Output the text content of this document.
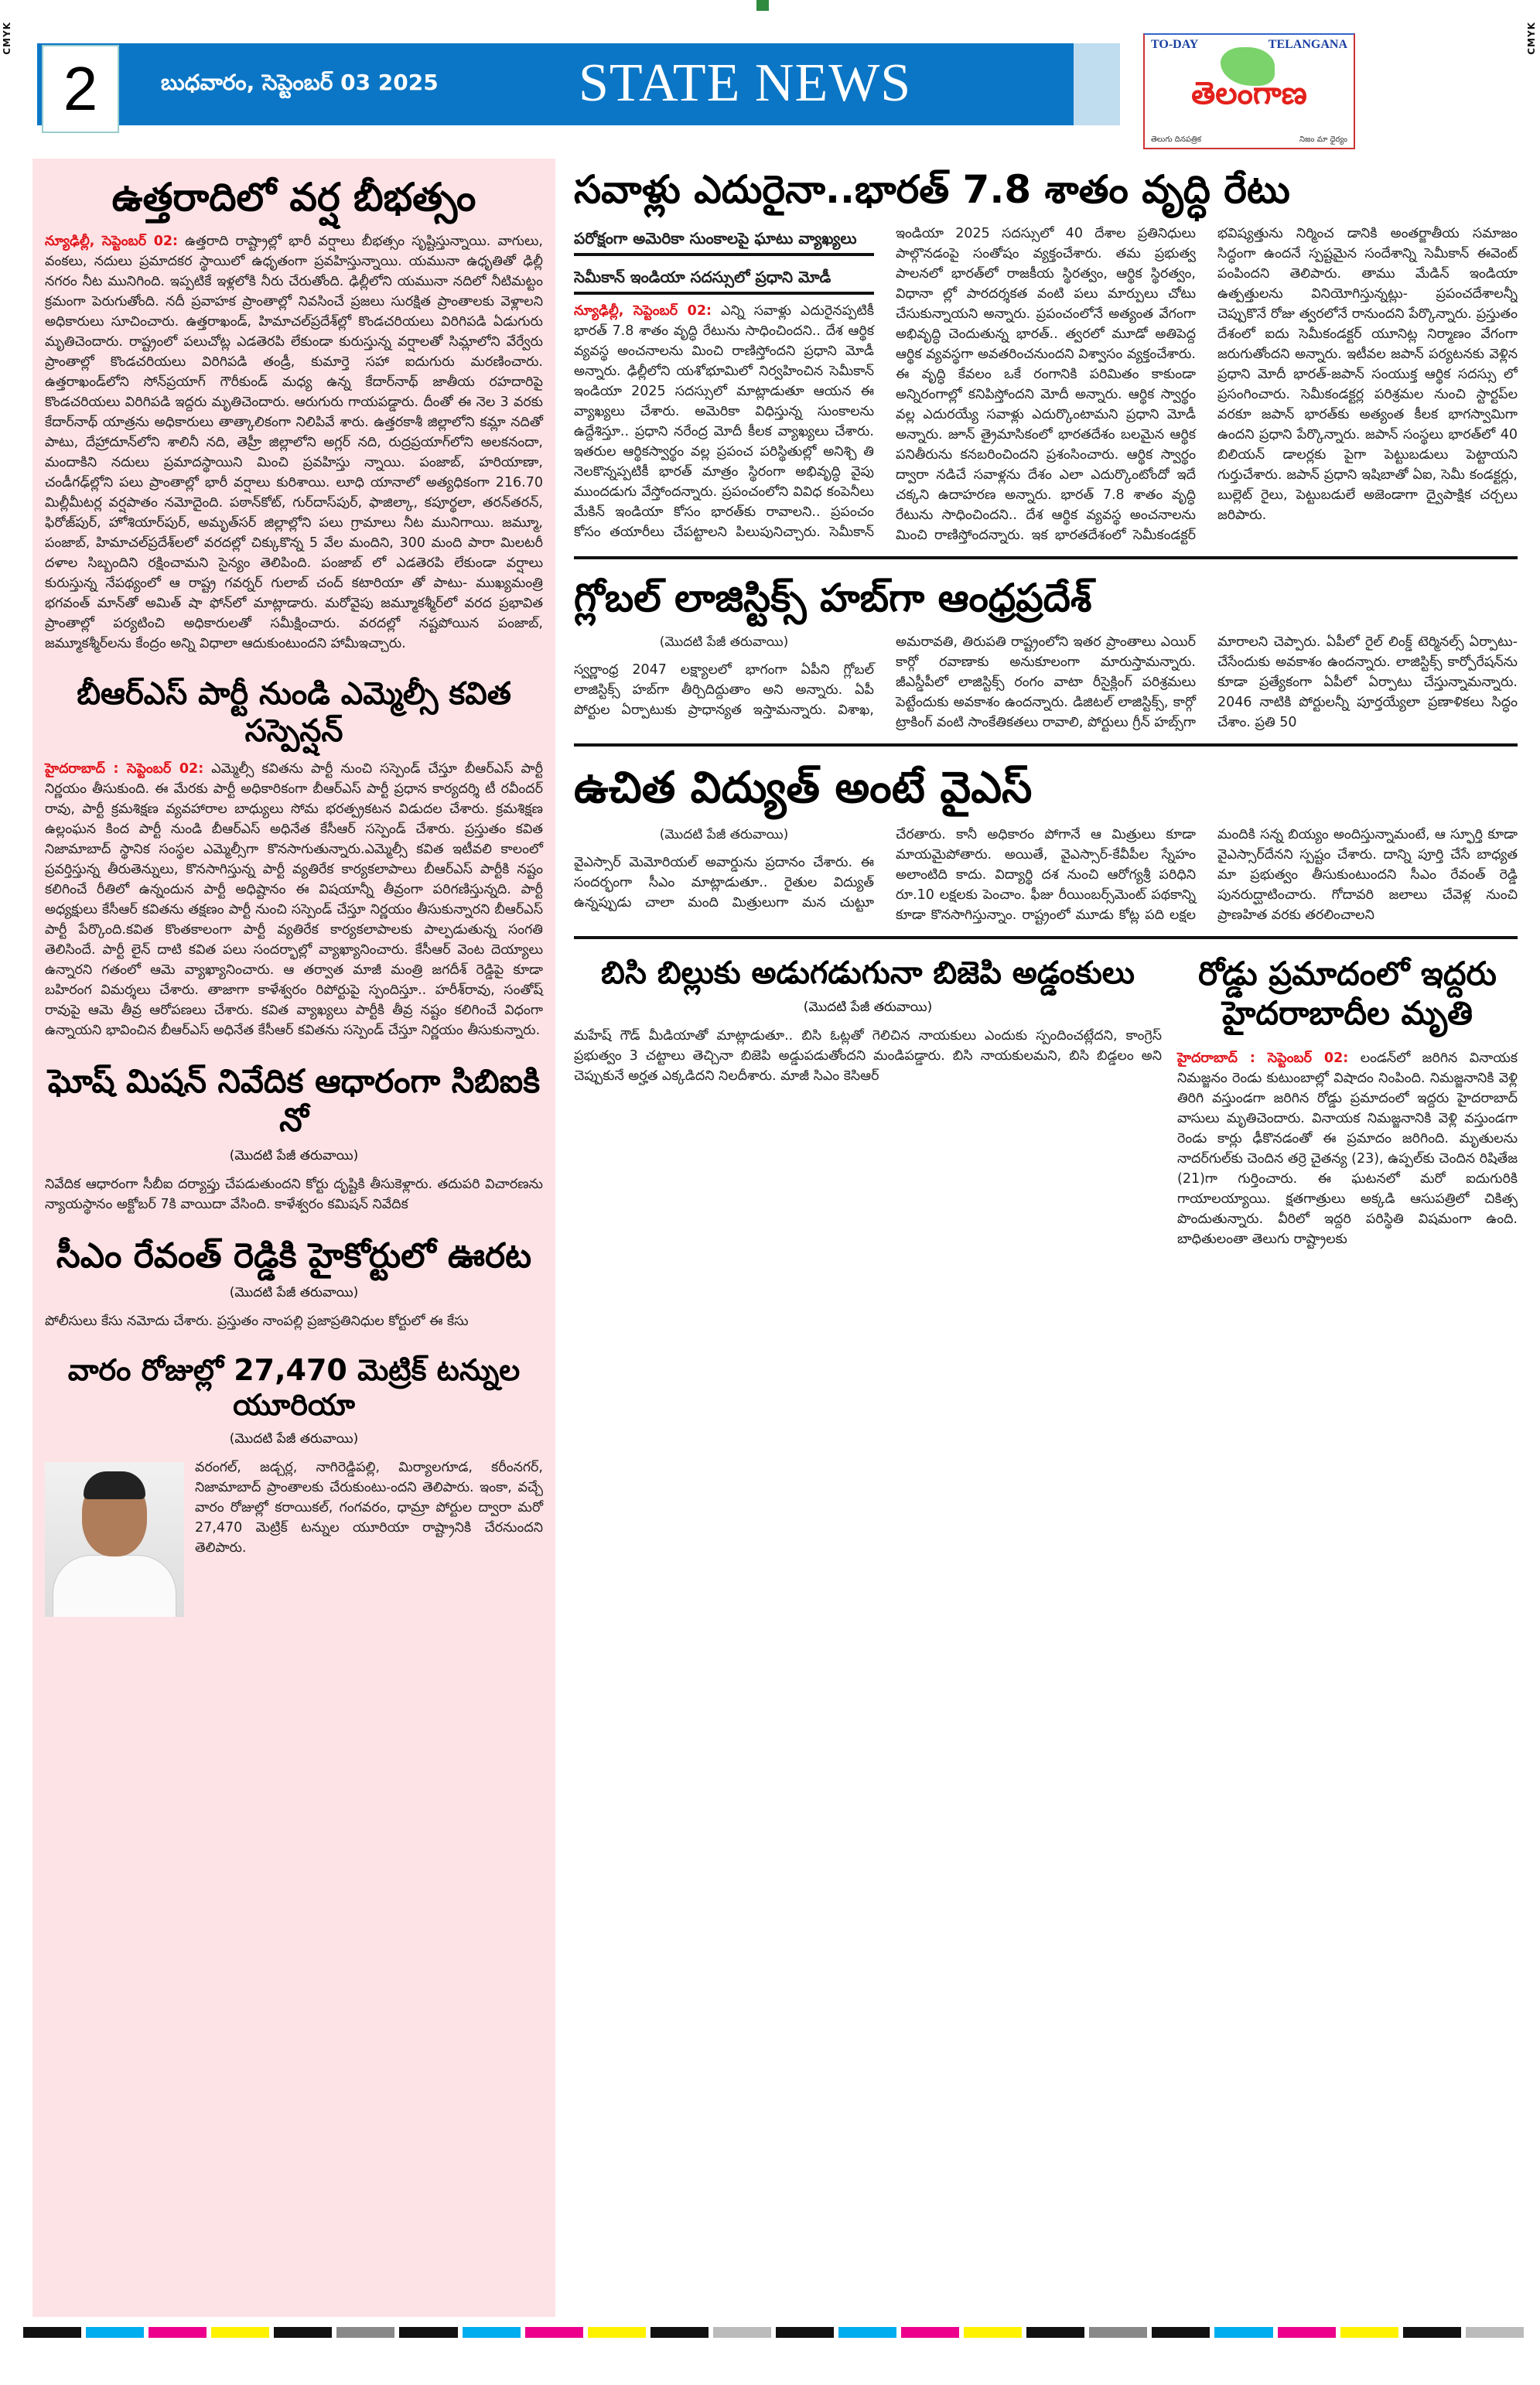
CMYK	CMYK
బుధవారం, సెప్టెంబర్ 03 2025	STATE NEWS
2
TO-DAY	TELANGANA
తెలంగాణ
తెలుగు దినపత్రిక	నిజం మా ధైర్యం
ఉత్తరాదిలో వర్ష బీభత్సం

న్యూఢిల్లీ, సెప్టెంబర్ 02: ఉత్తరాది రాష్ట్రాల్లో భారీ వర్షాలు బీభత్సం సృష్టిస్తున్నాయి. వాగులు, వంకలు, నదులు ప్రమాదకర స్థాయిలో ఉధృతంగా ప్రవహిస్తున్నాయి. యమునా ఉధృతితో ఢిల్లీ నగరం నీట మునిగింది. ఇప్పటికే ఇళ్లలోకి నీరు చేరుతోంది. ఢిల్లీలోని యమునా నదిలో నీటిమట్టం క్రమంగా పెరుగుతోంది. నదీ ప్రవాహక ప్రాంతాల్లో నివసించే ప్రజలు సురక్షిత ప్రాంతాలకు వెళ్లాలని అధికారులు సూచించారు. ఉత్తరాఖండ్, హిమాచల్‌ప్రదేశ్‌ల్లో కొండచరియలు విరిగిపడి ఏడుగురు మృతిచెందారు. రాష్ట్రంలో పలుచోట్ల ఎడతెరపి లేకుండా కురుస్తున్న వర్షాలతో సిమ్లాలోని వేర్వేరు ప్రాంతాల్లో కొండచరియలు విరిగిపడి తండ్రీ, కుమార్తె సహా ఐదుగురు మరణించారు. ఉత్తరాఖండ్‌లోని సోన్‌ప్రయాగ్ గౌరీకుండ్ మధ్య ఉన్న కేదార్‌నాథ్ జాతీయ రహదారిపై కొండచరియలు విరిగిపడి ఇద్దరు మృతిచెందారు. ఆరుగురు గాయపడ్డారు. దీంతో ఈ నెల 3 వరకు కేదార్‌నాథ్ యాత్రను అధికారులు తాత్కాలికంగా నిలిపివే శారు. ఉత్తరకాశీ జిల్లాలోని కమ్లా నదితో పాటు, దేహ్రాదూన్‌లోని శాలినీ నది, తెహ్రీ జిల్లాలోని అగ్లర్ నది, రుద్రప్రయాగ్‌లోని అలకనందా, మందాకిని నదులు ప్రమాదస్థాయిని మించి ప్రవహిస్తు న్నాయి. పంజాబ్, హరియాణా, చండీగఢ్‌ల్లోని పలు ప్రాంతాల్లో భారీ వర్షాలు కురిశాయి. లూధి యానాలో అత్యధికంగా 216.70 మిల్లీమీటర్ల వర్షపాతం నమోదైంది. పఠాన్‌కోట్, గుర్‌దాస్‌పుర్, ఫాజిల్కా, కపూర్థలా, తరన్‌తరన్, ఫిరోజ్‌పుర్, హోశియార్‌పుర్, అమృత్‌సర్ జిల్లాల్లోని పలు గ్రామాలు నీట మునిగాయి. జమ్మూ, పంజాబ్, హిమాచల్‌ప్రదేశ్‌లలో వరదల్లో చిక్కుకొన్న 5 వేల మందిని, 300 మంది పారా మిలటరీ దళాల సిబ్బందిని రక్షించామని సైన్యం తెలిపింది. పంజాబ్ లో ఎడతెరపి లేకుండా వర్షాలు కురుస్తున్న నేపథ్యంలో ఆ రాష్ట్ర గవర్నర్ గులాబ్ చంద్ కటారియా తో పాటు- ముఖ్యమంత్రి భగవంత్ మాన్‌తో అమిత్ షా ఫోన్‌లో మాట్లాడారు. మరోవైపు జమ్మూకశ్మీర్‌లో వరద ప్రభావిత ప్రాంతాల్లో పర్యటించి అధికారులతో సమీక్షించారు. వరదల్లో నష్టపోయిన పంజాబ్, జమ్మూకశ్మీర్‌లను కేంద్రం అన్ని విధాలా ఆదుకుంటుందని హామీఇచ్చారు.

బీఆర్ఎస్ పార్టీ నుండి ఎమ్మెల్సీ కవిత సస్పెన్షన్

హైదరాబాద్ : సెప్టెంబర్ 02: ఎమ్మెల్సీ కవితను పార్టీ నుంచి సస్పెండ్ చేస్తూ బీఆర్ఎస్ పార్టీ నిర్ణయం తీసుకుంది. ఈ మేరకు పార్టీ అధికారికంగా బీఆర్ఎస్ పార్టీ ప్రధాన కార్యదర్శి టీ రవీందర్ రావు, పార్టీ క్రమశిక్షణ వ్యవహారాల బాధ్యులు సోమ భరత్ప్రకటన విడుదల చేశారు. క్రమశిక్షణ ఉల్లంఘన కింద పార్టీ నుండి బీఆర్ఎస్ అధినేత కేసీఆర్ సస్పెండ్ చేశారు. ప్రస్తుతం కవిత నిజామాబాద్ స్థానిక సంస్థల ఎమ్మెల్సీగా కొనసాగుతున్నారు.ఎమ్మెల్సీ కవిత ఇటీవలి కాలంలో ప్రవర్తిస్తున్న తీరుతెన్నులు, కొనసాగిస్తున్న పార్టీ వ్యతిరేక కార్యకలాపాలు బీఆర్ఎస్ పార్టీకి నష్టం కలిగించే రీతిలో ఉన్నందున పార్టీ అధిష్టానం ఈ విషయాన్నీ తీవ్రంగా పరిగణిస్తున్నది. పార్టీ అధ్యక్షులు కేసీఆర్ కవితను తక్షణం పార్టీ నుంచి సస్పెండ్ చేస్తూ నిర్ణయం తీసుకున్నారని బీఆర్ఎస్ పార్టీ పేర్కొంది.కవిత కొంతకాలంగా పార్టీ వ్యతిరేక కార్యకలాపాలకు పాల్పడుతున్న సంగతి తెలిసిందే. పార్టీ లైన్ దాటి కవిత పలు సందర్భాల్లో వ్యాఖ్యానించారు. కేసీఆర్ వెంట దెయ్యాలు ఉన్నారని గతంలో ఆమె వ్యాఖ్యానించారు. ఆ తర్వాత మాజీ మంత్రి జగదీశ్ రెడ్డిపై కూడా బహిరంగ విమర్శలు చేశారు. తాజాగా కాళేశ్వరం రిపోర్టుపై స్పందిస్తూ.. హరీశ్‌రావు, సంతోష్ రావుపై ఆమె తీవ్ర ఆరోపణలు చేశారు. కవిత వ్యాఖ్యలు పార్టీకి తీవ్ర నష్టం కలిగించే విధంగా ఉన్నాయని భావించిన బీఆర్ఎస్ అధినేత కేసీఆర్ కవితను సస్పెండ్ చేస్తూ నిర్ణయం తీసుకున్నారు.

ఘోష్ మిషన్ నివేదిక ఆధారంగా సిబిఐకి నో
(మొదటి పేజీ తరువాయి)

నివేదిక ఆధారంగా సీబీఐ దర్యాప్తు చేపడుతుందని కోర్టు దృష్టికి తీసుకెళ్లారు. తదుపరి విచారణను న్యాయస్థానం అక్టోబర్ 7కి వాయిదా వేసింది. కాళేశ్వరం కమిషన్ నివేదిక

సీఎం రేవంత్ రెడ్డికి హైకోర్టులో ఊరట
(మొదటి పేజీ తరువాయి)

పోలీసులు కేసు నమోదు చేశారు. ప్రస్తుతం నాంపల్లి ప్రజాప్రతినిధుల కోర్టులో ఈ కేసు

వారం రోజుల్లో 27,470 మెట్రిక్ టన్నుల యూరియా
(మొదటి పేజీ తరువాయి)

వరంగల్, జడ్చర్ల, నాగిరెడ్డిపల్లి, మిర్యాలగూడ, కరీంనగర్, నిజామాబాద్ ప్రాంతాలకు చేరుకుంటు-ందని తెలిపారు. ఇంకా, వచ్చే వారం రోజుల్లో కరాయికల్, గంగవరం, ధామ్రా పోర్టుల ద్వారా మరో 27,470 మెట్రిక్ టన్నుల యూరియా రాష్ట్రానికి చేరనుందని తెలిపారు.

సవాళ్లు ఎదురైనా..భారత్ 7.8 శాతం వృద్ధి రేటు
పరోక్షంగా అమెరికా సుంకాలపై ఘాటు వ్యాఖ్యలు
సెమీకాన్ ఇండియా సదస్సులో ప్రధాని మోడీ
న్యూఢిల్లీ, సెప్టెంబర్ 02: ఎన్ని సవాళ్లు ఎదురైనప్పటికీ భారత్ 7.8 శాతం వృద్ధి రేటును సాధించిందని.. దేశ ఆర్థిక వ్యవస్థ అంచనాలను మించి రాణిస్తోందని ప్రధాని మోడీ అన్నారు. ఢిల్లీలోని యశోభూమిలో నిర్వహించిన సెమీకాన్ ఇండియా 2025 సదస్సులో మాట్లాడుతూ ఆయన ఈ వ్యాఖ్యలు చేశారు. అమెరికా విధిస్తున్న సుంకాలను ఉద్దేశిస్తూ.. ప్రధాని నరేంద్ర మోదీ కీలక వ్యాఖ్యలు చేశారు. ఇతరుల ఆర్థికస్వార్థం వల్ల ప్రపంచ పరిస్థితుల్లో అనిశ్చి తి నెలకొన్నప్పటికీ భారత్ మాత్రం స్థిరంగా అభివృద్ధి వైపు ముందడుగు వేస్తోందన్నారు. ప్రపంచంలోని వివిధ కంపెనీలు మేకిన్ ఇండియా కోసం భారత్‌కు రావాలని.. ప్రపంచం కోసం తయారీలు చేపట్టాలని పిలుపునిచ్చారు. సెమీకాన్ ఇండియా 2025 సదస్సులో 40 దేశాల ప్రతినిధులు పాల్గొనడంపై సంతోషం వ్యక్తంచేశారు. తమ ప్రభుత్వ పాలనలో భారత్‌లో రాజకీయ స్థిరత్వం, ఆర్థిక స్థిరత్వం, విధానా ల్లో పారదర్శకత వంటి పలు మార్పులు చోటు చేసుకున్నాయని అన్నారు. ప్రపంచంలోనే అత్యంత వేగంగా అభివృద్ధి చెందుతున్న భారత్.. త్వరలో మూడో అతిపెద్ద ఆర్థిక వ్యవస్థగా అవతరించనుందని విశ్వాసం వ్యక్తంచేశారు. ఈ వృద్ధి కేవలం ఒకే రంగానికి పరిమితం కాకుండా అన్నిరంగాల్లో కనిపిస్తోందని మోదీ అన్నారు. ఆర్థిక స్వార్థం వల్ల ఎదురయ్యే సవాళ్లు ఎదుర్కొంటామని ప్రధాని మోడీ అన్నారు. జూన్ త్రైమాసికంలో భారతదేశం బలమైన ఆర్థిక పనితీరును కనబరించిందని ప్రశంసించారు. ఆర్థిక స్వార్థం ద్వారా నడిచే సవాళ్లను దేశం ఎలా ఎదుర్కొంటోందో ఇదే చక్కని ఉదాహరణ అన్నారు. భారత్ 7.8 శాతం వృద్ధి రేటును సాధించిందని.. దేశ ఆర్థిక వ్యవస్థ అంచనాలను మించి రాణిస్తోందన్నారు. ఇక భారతదేశంలో సెమీకండక్టర్ భవిష్యత్తును నిర్మించ డానికి అంతర్జాతీయ సమాజం సిద్ధంగా ఉందనే స్పష్టమైన సందేశాన్ని సెమీకాన్ ఈవెంట్ పంపిందని తెలిపారు. తాము మేడిన్ ఇండియా ఉత్పత్తులను వినియోగిస్తున్నట్లు- ప్రపంచదేశాలన్నీ చెప్పుకొనే రోజు త్వరలోనే రానుందని పేర్కొన్నారు. ప్రస్తుతం దేశంలో ఐదు సెమీకండక్టర్ యూనిట్ల నిర్మాణం వేగంగా జరుగుతోందని అన్నారు. ఇటీవల జపాన్ పర్యటనకు వెళ్లిన ప్రధాని మోదీ భారత్-జపాన్ సంయుక్త ఆర్థిక సదస్సు లో ప్రసంగించారు. సెమీకండక్టర్ల పరిశ్రమల నుంచి స్టార్టప్‌ల వరకూ జపాన్ భారత్‌కు అత్యంత కీలక భాగస్వామిగా ఉందని ప్రధాని పేర్కొన్నారు. జపాన్ సంస్థలు భారత్‌లో 40 బిలియన్ డాలర్లకు పైగా పెట్టుబడులు పెట్టాయని గుర్తుచేశారు. జపాన్ ప్రధాని ఇషిబాతో ఏఐ, సెమీ కండక్టర్లు, బుల్లెట్ రైలు, పెట్టుబడులే అజెండాగా ద్వైపాక్షిక చర్చలు జరిపారు.
గ్లోబల్ లాజిస్టిక్స్ హబ్‌గా ఆంధ్రప్రదేశ్
(మొదటి పేజీ తరువాయి)
స్వర్ణాంధ్ర 2047 లక్ష్యాలలో భాగంగా ఏపీని గ్లోబల్ లాజిస్టిక్స్ హబ్‌గా తీర్చిదిద్దుతాం అని అన్నారు. ఏపీ పోర్టుల ఏర్పాటుకు ప్రాధాన్యత ఇస్తామన్నారు. విశాఖ, అమరావతి, తిరుపతి రాష్ట్రంలోని ఇతర ప్రాంతాలు ఎయిర్ కార్గో రవాణాకు అనుకూలంగా మారుస్తామన్నారు. జీఎస్డీపీలో లాజిస్టిక్స్ రంగం వాటా రీసైక్లింగ్ పరిశ్రమలు పెట్టేందుకు అవకాశం ఉందన్నారు. డిజిటల్ లాజిస్టిక్స్, కార్గో ట్రాకింగ్ వంటి సాంకేతికతలు రావాలి, పోర్టులు గ్రీన్ హబ్స్‌గా మారాలని చెప్పారు. ఏపీలో రైల్ లింక్డ్ టెర్మినల్స్ ఏర్పాటు- చేసేందుకు అవకాశం ఉందన్నారు. లాజిస్టిక్స్ కార్పోరేషన్‌ను కూడా ప్రత్యేకంగా ఏపీలో ఏర్పాటు చేస్తున్నామన్నారు. 2046 నాటికి పోర్టులన్నీ పూర్తయ్యేలా ప్రణాళికలు సిద్ధం చేశాం. ప్రతి 50
ఉచిత విద్యుత్ అంటే వైఎస్
(మొదటి పేజీ తరువాయి)
వైఎస్సార్ మెమోరియల్ అవార్డును ప్రదానం చేశారు. ఈ సందర్భంగా సీఎం మాట్లాడుతూ.. రైతుల విద్యుత్ ఉన్నప్పుడు చాలా మంది మిత్రులుగా మన చుట్టూ చేరతారు. కానీ అధికారం పోగానే ఆ మిత్రులు కూడా మాయమైపోతారు. అయితే, వైఎస్సార్-కేవీపీల స్నేహం అలాంటిది కాదు. విద్యార్థి దశ నుంచి ఆరోగ్యశ్రీ పరిధిని రూ.10 లక్షలకు పెంచాం. ఫీజు రీయింబర్స్‌మెంట్ పథకాన్ని కూడా కొనసాగిస్తున్నాం. రాష్ట్రంలో మూడు కోట్ల పది లక్షల మందికి సన్న బియ్యం అందిస్తున్నామంటే, ఆ స్ఫూర్తి కూడా వైఎస్సార్‌దేనని స్పష్టం చేశారు. దాన్ని పూర్తి చేసే బాధ్యత మా ప్రభుత్వం తీసుకుంటుందని సీఎం రేవంత్ రెడ్డి పునరుద్ఘాటించారు. గోదావరి జలాలు చేవెళ్ల నుంచి ప్రాణహిత వరకు తరలించాలని
బిసి బిల్లుకు అడుగడుగునా బిజెపి అడ్డంకులు
(మొదటి పేజీ తరువాయి)

మహేష్ గౌడ్ మీడియాతో మాట్లాడుతూ.. బిసి ఓట్లతో గెలిచిన నాయకులు ఎందుకు స్పందించట్లేదని, కాంగ్రెస్ ప్రభుత్వం 3 చట్టాలు తెచ్చినా బిజెపి అడ్డుపడుతోందని మండిపడ్డారు. బిసి నాయకులమని, బిసి బిడ్డలం అని చెప్పుకునే అర్హత ఎక్కడిదని నిలదీశారు. మాజీ సిఎం కెసిఆర్

రోడ్డు ప్రమాదంలో ఇద్దరు హైదరాబాదీల మృతి

హైదరాబాద్ : సెప్టెంబర్ 02: లండన్‌లో జరిగిన వినాయక నిమజ్జనం రెండు కుటుంబాల్లో విషాదం నింపింది. నిమజ్జనానికి వెళ్లి తిరిగి వస్తుండగా జరిగిన రోడ్డు ప్రమాదంలో ఇద్దరు హైదరాబాద్ వాసులు మృతిచెందారు. వినాయక నిమజ్జనానికి వెళ్లి వస్తుండగా రెండు కార్లు ఢీకొనడంతో ఈ ప్రమాదం జరిగింది. మృతులను నాదర్‌గుల్‌కు చెందిన తర్రె చైతన్య (23), ఉప్పల్‌కు చెందిన రిషితేజ (21)గా గుర్తించారు. ఈ ఘటనలో మరో ఐదుగురికి గాయాలయ్యాయి. క్షతగాత్రులు అక్కడి ఆసుపత్రిలో చికిత్స పొందుతున్నారు. వీరిలో ఇద్దరి పరిస్థితి విషమంగా ఉంది. బాధితులంతా తెలుగు రాష్ట్రాలకు
